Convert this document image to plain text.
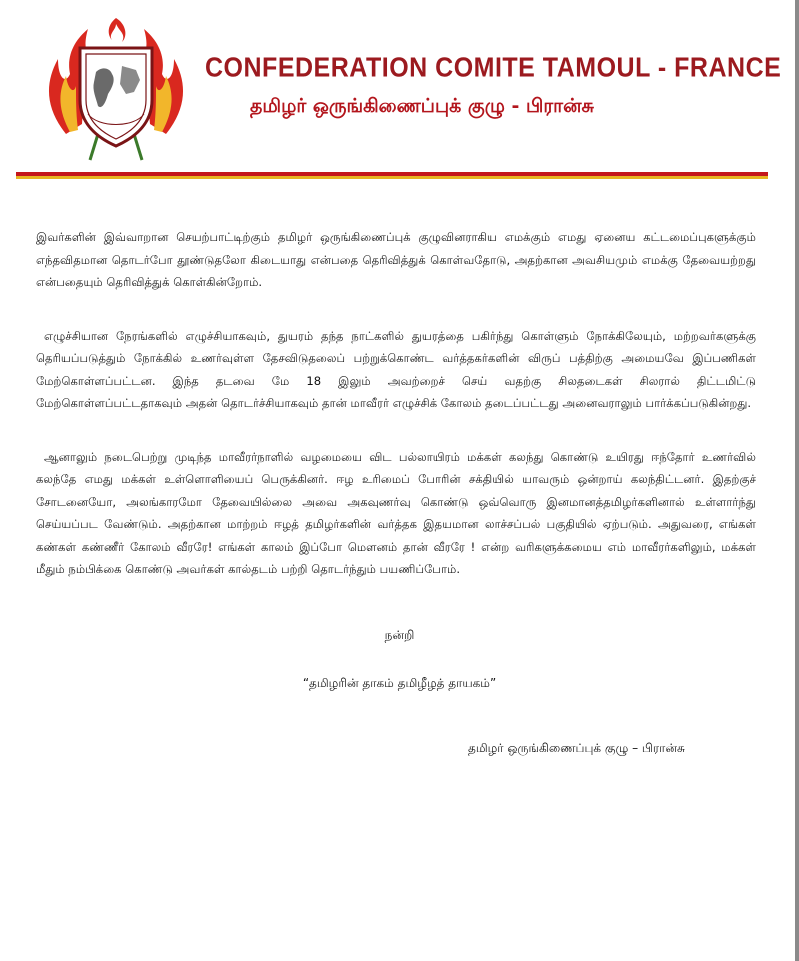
CONFEDERATION COMITE TAMOUL - FRANCE
தமிழர் ஒருங்கிணைப்புக் குழு - பிரான்சு

இவர்களின் இவ்வாறான செயற்பாட்டிற்கும் தமிழர் ஒருங்கிணைப்புக் குழுவினராகிய எமக்கும் எமது ஏனைய கட்டமைப்புகளுக்கும் எந்தவிதமான தொடர்போ தூண்டுதலோ கிடையாது என்பதை தெரிவித்துக் கொள்வதோடு, அதற்கான அவசியமும் எமக்கு தேவையற்றது என்பதையும் தெரிவித்துக் கொள்கின்றோம்.

எழுச்சியான நேரங்களில் எழுச்சியாகவும், துயரம் தந்த நாட்களில் துயரத்தை பகிர்ந்து கொள்ளும் நோக்கிலேயும், மற்றவர்களுக்கு தெரியப்படுத்தும் நோக்கில் உணர்வுள்ள தேசவிடுதலைப் பற்றுக்கொண்ட வர்த்தகர்களின் விருப் பத்திற்கு அமையவே இப்பணிகள் மேற்கொள்ளப்பட்டன. இந்த தடவை மே 18 இலும் அவற்றைச் செய் வதற்கு சிலதடைகள் சிலரால் திட்டமிட்டு மேற்கொள்ளப்பட்டதாகவும் அதன் தொடர்ச்சியாகவும் தான் மாவீரர் எழுச்சிக் கோலம் தடைப்பட்டது அனைவராலும் பார்க்கப்படுகின்றது.

ஆனாலும் நடைபெற்று முடிந்த மாவீரர்நாளில் வழமையை விட பல்லாயிரம் மக்கள் கலந்து கொண்டு உயிரது ஈந்தோர் உணர்வில் கலந்தே எமது மக்கள் உள்ளொளியைப் பெருக்கினர். ஈழ உரிமைப் போரின் சக்தியில் யாவரும் ஒன்றாய் கலந்திட்டனர். இதற்குச் சோடனையோ, அலங்காரமோ தேவையில்லை அவை அகவுணர்வு கொண்டு ஒவ்வொரு இனமானத்தமிழர்களினால் உள்ளார்ந்து செய்யப்பட வேண்டும். அதற்கான மாற்றம் ஈழத் தமிழர்களின் வர்த்தக இதயமான லாச்சப்பல் பகுதியில் ஏற்படும். அதுவரை, எங்கள் கண்கள் கண்ணீர் கோலம் வீரரே! எங்கள் காலம் இப்போ மௌனம் தான் வீரரே ! என்ற வரிகளுக்கமைய எம் மாவீரர்களிலும், மக்கள் மீதும் நம்பிக்கை கொண்டு அவர்கள் கால்தடம் பற்றி தொடர்ந்தும் பயணிப்போம்.

நன்றி
“தமிழரின் தாகம் தமிழீழத் தாயகம்”
தமிழர் ஒருங்கிணைப்புக் குழு – பிரான்சு
